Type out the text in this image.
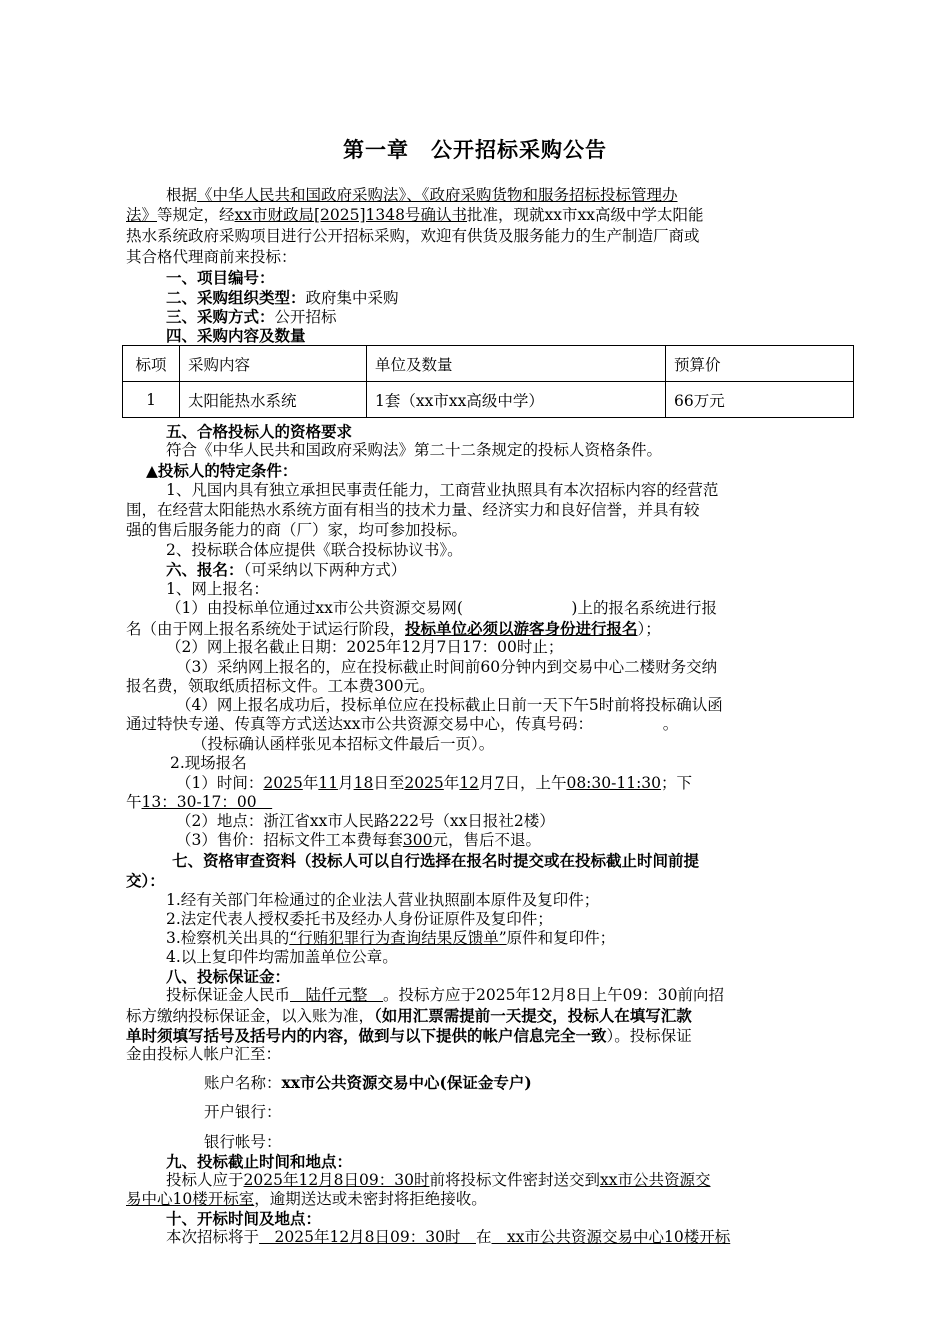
第一章　公开招标采购公告
根据《中华人民共和国政府采购法》、《政府采购货物和服务招标投标管理办
法》等规定，经xx市财政局[2025]1348号确认书批准，现就xx市xx高级中学太阳能
热水系统政府采购项目进行公开招标采购，欢迎有供货及服务能力的生产制造厂商或
其合格代理商前来投标：
一、项目编号：
二、采购组织类型：政府集中采购
三、采购方式：公开招标
四、采购内容及数量
标项	采购内容	单位及数量	预算价
1	太阳能热水系统	1套（xx市xx高级中学）	66万元
五、合格投标人的资格要求
符合《中华人民共和国政府采购法》第二十二条规定的投标人资格条件。
▲投标人的特定条件：
1、凡国内具有独立承担民事责任能力，工商营业执照具有本次招标内容的经营范
围，在经营太阳能热水系统方面有相当的技术力量、经济实力和良好信誉，并具有较
强的售后服务能力的商（厂）家，均可参加投标。
2、投标联合体应提供《联合投标协议书》。
六、报名：（可采纳以下两种方式）
1、网上报名：
（1）由投标单位通过xx市公共资源交易网(　　　　　　　)上的报名系统进行报
名（由于网上报名系统处于试运行阶段，投标单位必须以游客身份进行报名）；
（2）网上报名截止日期：2025年12月7日17：00时止；
（3）采纳网上报名的，应在投标截止时间前60分钟内到交易中心二楼财务交纳
报名费，领取纸质招标文件。工本费300元。
（4）网上报名成功后，投标单位应在投标截止日前一天下午5时前将投标确认函
通过特快专递、传真等方式送达xx市公共资源交易中心，传真号码：　　　　　。
（投标确认函样张见本招标文件最后一页）。
2.现场报名
（1）时间：2025年11月18日至2025年12月7日，上午08:30-11:30；下
午13：30-17：00　
（2）地点：浙江省xx市人民路222号（xx日报社2楼）
（3）售价：招标文件工本费每套300元，售后不退。
七、资格审查资料（投标人可以自行选择在报名时提交或在投标截止时间前提
交）：
1.经有关部门年检通过的企业法人营业执照副本原件及复印件；
2.法定代表人授权委托书及经办人身份证原件及复印件；
3.检察机关出具的“行贿犯罪行为查询结果反馈单”原件和复印件；
4.以上复印件均需加盖单位公章。
八、投标保证金：
投标保证金人民币　陆仟元整　。投标方应于2025年12月8日上午09：30前向招
标方缴纳投标保证金，以入账为准，（如用汇票需提前一天提交，投标人在填写汇款
单时须填写括号及括号内的内容，做到与以下提供的帐户信息完全一致）。投标保证
金由投标人帐户汇至：
账户名称：xx市公共资源交易中心(保证金专户)
开户银行：
银行帐号：
九、投标截止时间和地点：
投标人应于2025年12月8日09：30时前将投标文件密封送交到xx市公共资源交
易中心10楼开标室，逾期送达或未密封将拒绝接收。
十、开标时间及地点：
本次招标将于　2025年12月8日09：30时　在　xx市公共资源交易中心10楼开标
